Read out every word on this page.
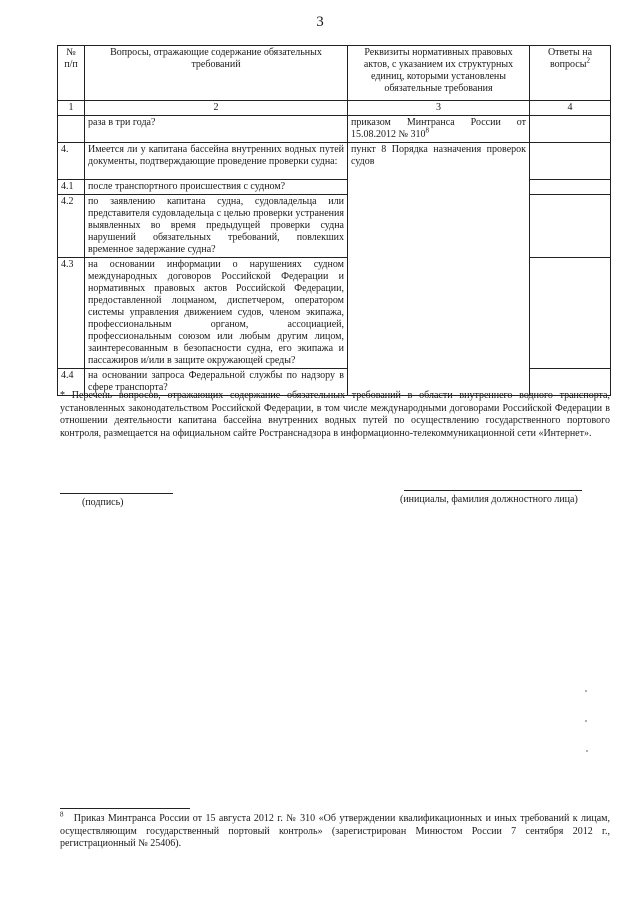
3
№ п/п	Вопросы, отражающие содержание обязательных требований	Реквизиты нормативных правовых актов, с указанием их структурных единиц, которыми установлены обязательные требования	Ответы на вопросы$^2$
1	2	3	4
	раза в три года?	приказом Минтранса России от 15.08.2012 № $310^8$	
4.	Имеется ли у капитана бассейна внутренних водных путей документы, подтверждающие проведение проверки судна:	пункт 8 Порядка назначения проверок судов	
4.1	после транспортного происшествия с судном?		
4.2	по заявлению капитана судна, судовладельца или представителя судовладельца с целью проверки устранения выявленных во время предыдущей проверки судна нарушений обязательных требований, повлекших временное задержание судна?		
4.3	на основании информации о нарушениях судном международных договоров Российской Федерации и нормативных правовых актов Российской Федерации, предоставленной лоцманом, диспетчером, оператором системы управления движением судов, членом экипажа, профессиональным органом, ассоциацией, профессиональным союзом или любым другим лицом, заинтересованным в безопасности судна, его экипажа и пассажиров и/или в защите окружающей среды?		
4.4	на основании запроса Федеральной службы по надзору в сфере транспорта?		
* Перечень вопросов, отражающих содержание обязательных требований в области внутреннего водного транспорта, установленных законодательством Российской Федерации, в том числе международными договорами Российской Федерации в отношении деятельности капитана бассейна внутренних водных путей по осуществлению государственного портового контроля, размещается на официальном сайте Ространснадзора в информационно-телекоммуникационной сети «Интернет».
(подпись)	(инициалы, фамилия должностного лица)
$^8$ Приказ Минтранса России от 15 августа 2012 г. № 310 «Об утверждении квалификационных и иных требований к лицам, осуществляющим государственный портовый контроль» (зарегистрирован Минюстом России 7 сентября 2012 г., регистрационный № 25406).
